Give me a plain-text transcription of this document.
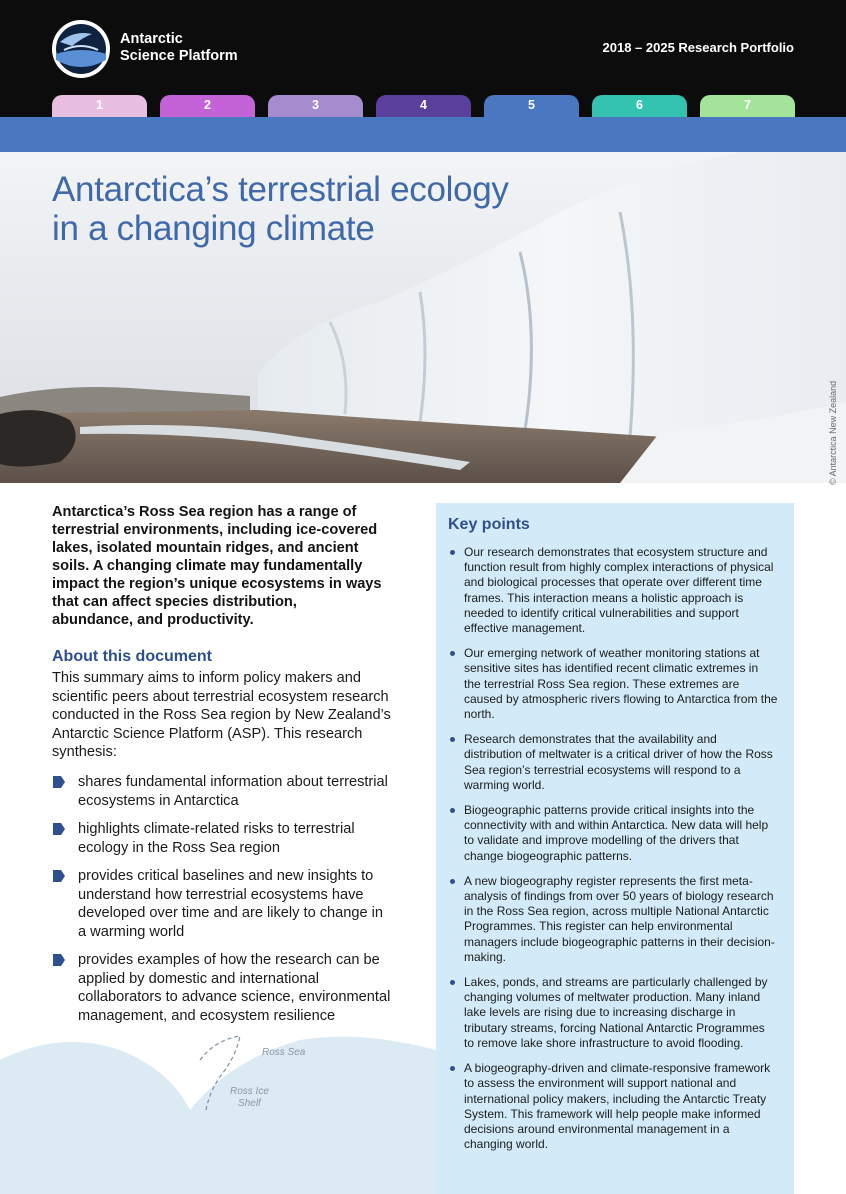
Antarctic
Science Platform
2018 – 2025 Research Portfolio
1	2	3	4	5	6	7
Antarctica’s terrestrial ecology
in a changing climate
© Antarctica New Zealand
Ross Sea
Ross Ice
Shelf

Antarctica’s Ross Sea region has a range of terrestrial environments, including ice-covered lakes, isolated mountain ridges, and ancient soils. A changing climate may fundamentally impact the region’s unique ecosystems in ways that can affect species distribution, abundance, and productivity.

About this document

This summary aims to inform policy makers and scientific peers about terrestrial ecosystem research conducted in the Ross Sea region by New Zealand’s Antarctic Science Platform (ASP). This research synthesis:

shares fundamental information about terrestrial ecosystems in Antarctica
highlights climate-related risks to terrestrial ecology in the Ross Sea region
provides critical baselines and new insights to understand how terrestrial ecosystems have developed over time and are likely to change in a warming world
provides examples of how the research can be applied by domestic and international collaborators to advance science, environmental management, and ecosystem resilience
Key points
Our research demonstrates that ecosystem structure and function result from highly complex interactions of physical and biological processes that operate over different time frames. This interaction means a holistic approach is needed to identify critical vulnerabilities and support effective management.
Our emerging network of weather monitoring stations at sensitive sites has identified recent climatic extremes in the terrestrial Ross Sea region. These extremes are caused by atmospheric rivers flowing to Antarctica from the north.
Research demonstrates that the availability and distribution of meltwater is a critical driver of how the Ross Sea region’s terrestrial ecosystems will respond to a warming world.
Biogeographic patterns provide critical insights into the connectivity with and within Antarctica. New data will help to validate and improve modelling of the drivers that change biogeographic patterns.
A new biogeography register represents the first meta-analysis of findings from over 50 years of biology research in the Ross Sea region, across multiple National Antarctic Programmes. This register can help environmental managers include biogeographic patterns in their decision-making.
Lakes, ponds, and streams are particularly challenged by changing volumes of meltwater production. Many inland lake levels are rising due to increasing discharge in tributary streams, forcing National Antarctic Programmes to remove lake shore infrastructure to avoid flooding.
A biogeography-driven and climate-responsive framework to assess the environment will support national and international policy makers, including the Antarctic Treaty System. This framework will help people make informed decisions around environmental management in a changing world.
